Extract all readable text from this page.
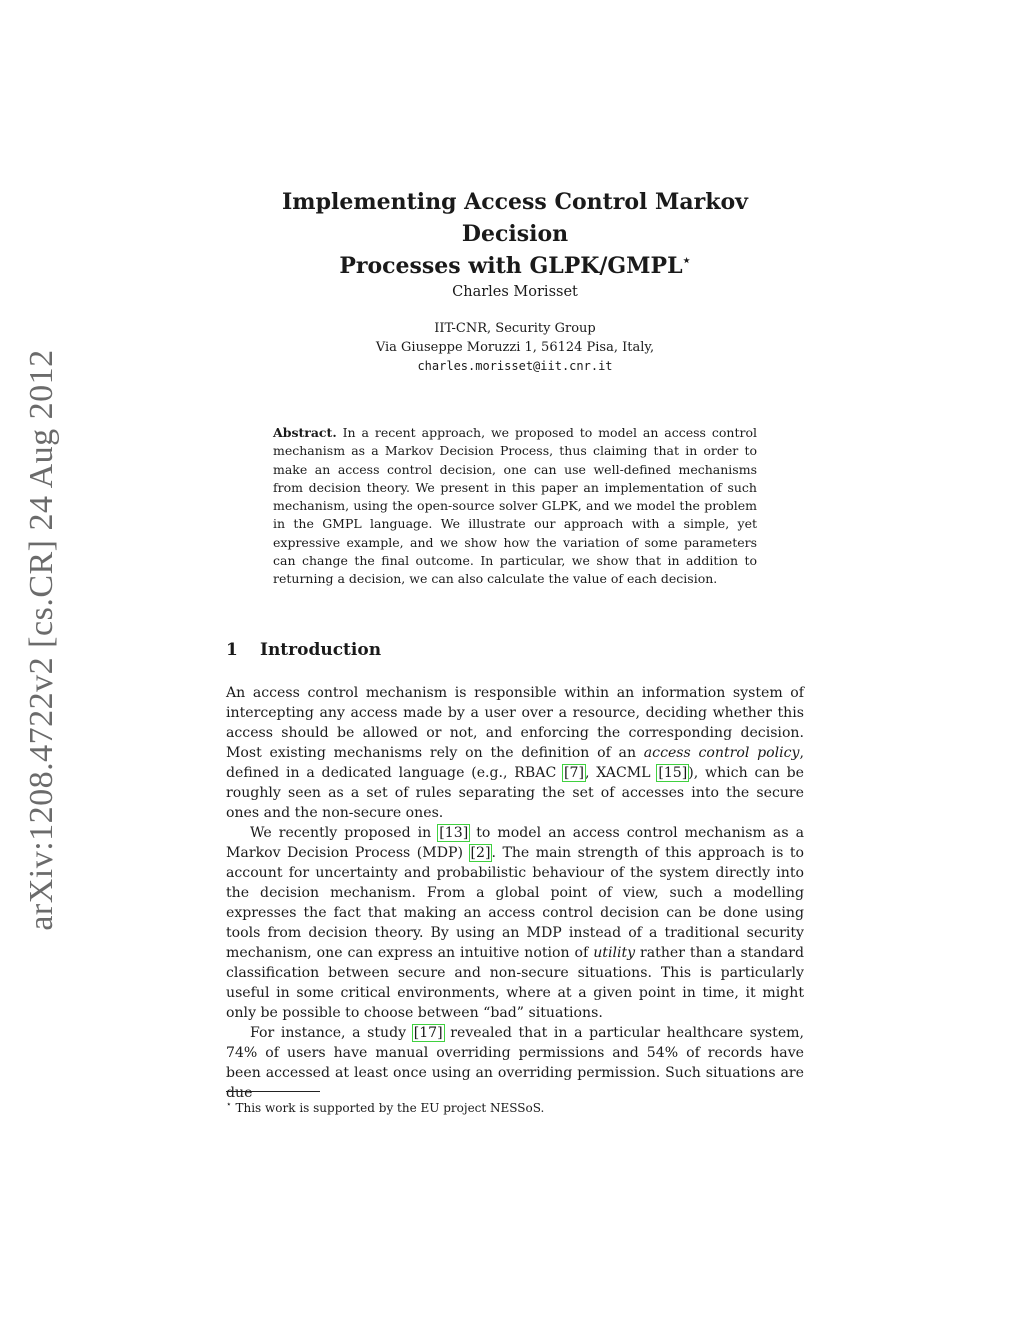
arXiv:1208.4722v2 [cs.CR] 24 Aug 2012
Implementing Access Control Markov Decision
Processes with GLPK/GMPL⋆
Charles Morisset
IIT-CNR, Security Group
Via Giuseppe Moruzzi 1, 56124 Pisa, Italy,
charles.morisset@iit.cnr.it

Abstract. In a recent approach, we proposed to model an access control mechanism as a Markov Decision Process, thus claiming that in order to make an access control decision, one can use well-defined mechanisms from decision theory. We present in this paper an implementation of such mechanism, using the open-source solver GLPK, and we model the problem in the GMPL language. We illustrate our approach with a simple, yet expressive example, and we show how the variation of some parameters can change the final outcome. In particular, we show that in addition to returning a decision, we can also calculate the value of each decision.

1 Introduction

An access control mechanism is responsible within an information system of intercepting any access made by a user over a resource, deciding whether this access should be allowed or not, and enforcing the corresponding decision. Most existing mechanisms rely on the definition of an access control policy, defined in a dedicated language (e.g., RBAC [7], XACML [15]), which can be roughly seen as a set of rules separating the set of accesses into the secure ones and the non-secure ones.

We recently proposed in [13] to model an access control mechanism as a Markov Decision Process (MDP) [2]. The main strength of this approach is to account for uncertainty and probabilistic behaviour of the system directly into the decision mechanism. From a global point of view, such a modelling expresses the fact that making an access control decision can be done using tools from decision theory. By using an MDP instead of a traditional security mechanism, one can express an intuitive notion of utility rather than a standard classification between secure and non-secure situations. This is particularly useful in some critical environments, where at a given point in time, it might only be possible to choose between “bad” situations.

For instance, a study [17] revealed that in a particular healthcare system, 74% of users have manual overriding permissions and 54% of records have been accessed at least once using an overriding permission. Such situations are due

⋆ This work is supported by the EU project NESSoS.
